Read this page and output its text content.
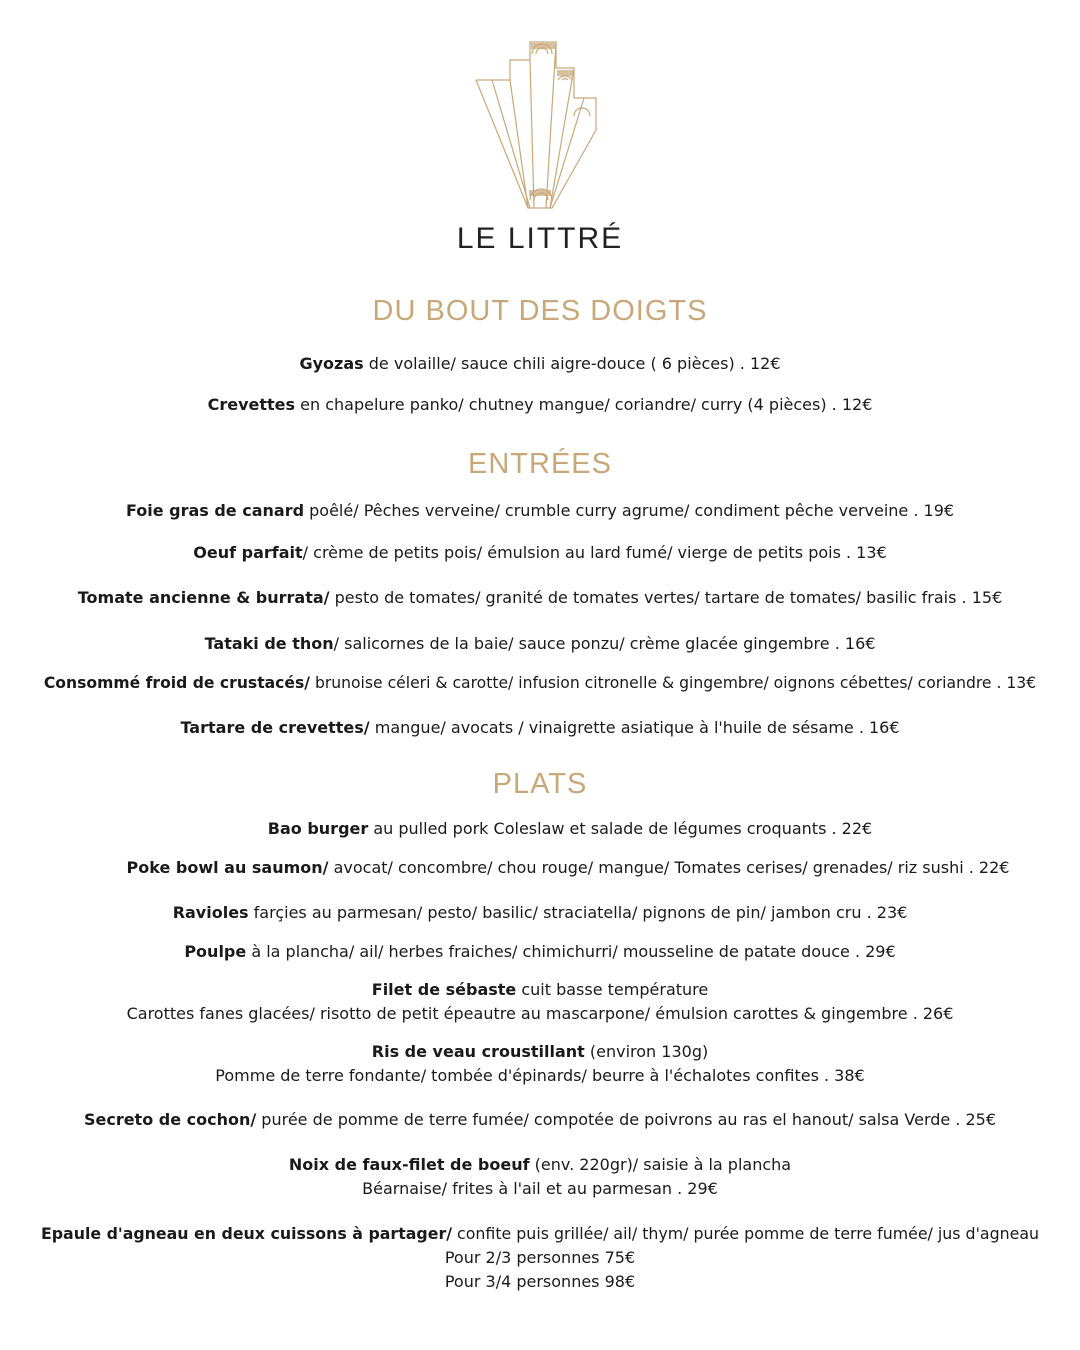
LE LITTRÉ
DU BOUT DES DOIGTS
Gyozas de volaille/ sauce chili aigre-douce ( 6 pièces) . 12€
Crevettes en chapelure panko/ chutney mangue/ coriandre/ curry (4 pièces) . 12€
ENTRÉES
Foie gras de canard poêlé/ Pêches verveine/ crumble curry agrume/ condiment pêche verveine . 19€
Oeuf parfait/ crème de petits pois/ émulsion au lard fumé/ vierge de petits pois . 13€
Tomate ancienne & burrata/ pesto de tomates/ granité de tomates vertes/ tartare de tomates/ basilic frais . 15€
Tataki de thon/ salicornes de la baie/ sauce ponzu/ crème glacée gingembre . 16€
Consommé froid de crustacés/ brunoise céleri & carotte/ infusion citronelle & gingembre/ oignons cébettes/ coriandre . 13€
Tartare de crevettes/ mangue/ avocats / vinaigrette asiatique à l'huile de sésame . 16€
PLATS
Bao burger au pulled pork Coleslaw et salade de légumes croquants . 22€
Poke bowl au saumon/ avocat/ concombre/ chou rouge/ mangue/ Tomates cerises/ grenades/ riz sushi . 22€
Ravioles farçies au parmesan/ pesto/ basilic/ straciatella/ pignons de pin/ jambon cru . 23€
Poulpe à la plancha/ ail/ herbes fraiches/ chimichurri/ mousseline de patate douce . 29€
Filet de sébaste cuit basse température
Carottes fanes glacées/ risotto de petit épeautre au mascarpone/ émulsion carottes & gingembre . 26€
Ris de veau croustillant (environ 130g)
Pomme de terre fondante/ tombée d'épinards/ beurre à l'échalotes confites . 38€
Secreto de cochon/ purée de pomme de terre fumée/ compotée de poivrons au ras el hanout/ salsa Verde . 25€
Noix de faux-filet de boeuf (env. 220gr)/ saisie à la plancha
Béarnaise/ frites à l'ail et au parmesan . 29€
Epaule d'agneau en deux cuissons à partager/ confite puis grillée/ ail/ thym/ purée pomme de terre fumée/ jus d'agneau
Pour 2/3 personnes 75€
Pour 3/4 personnes 98€
